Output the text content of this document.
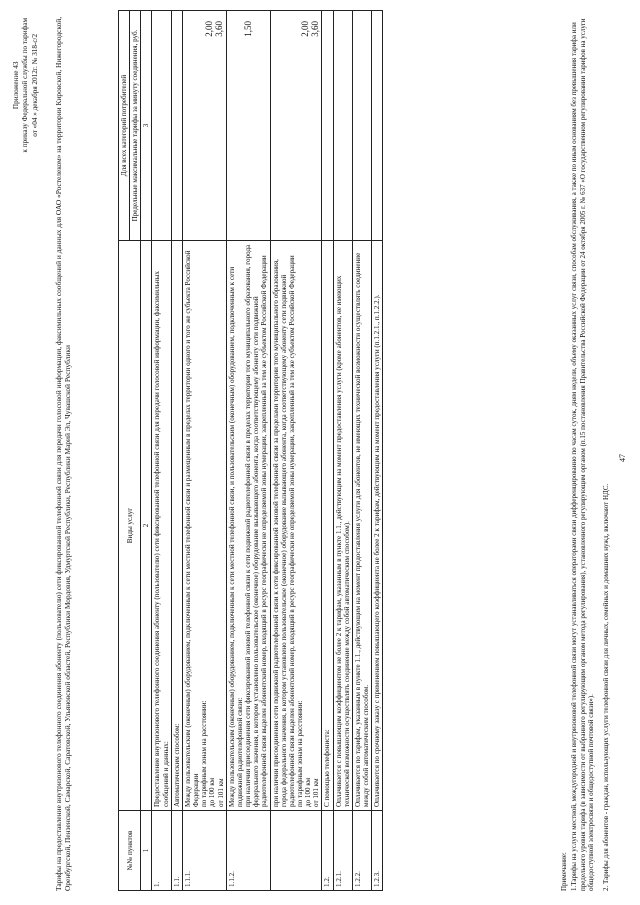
Приложение 43 к приказу Федеральной службы по тарифам от «04 » декабря 2012г. № 318-с/2 Тарифы на предоставление внутризонового телефонного соединения абоненту (пользователю) сети фиксированной телефонной связи для передачи голосовой информации, факсимильных сообщений и данных для ОАО «Ростелеком» на территории Кировской, Нижегородской, Оренбургской, Пензенской, Самарской, Саратовской, Ульяновской областей, Республики Мордовия, Удмуртской Республики, Республики Марий Эл, Чувашской Республики	№№ пунктов	Виды услуг	Для всех категорий потребителей
		Предельные максимальные тарифы за минуту соединения, руб.
1	2	3
1.	Предоставление внутризонового телефонного соединения абоненту (пользователю) сети фиксированной телефонной связи для передачи голосовой информации, факсимильных сообщений и данных:	
1.1.	Автоматическим способом:	
1.1.1.	Между пользовательским (оконечным) оборудованием, подключенным к сети местной телефонной связи и размещенным в пределах территории одного и того же субъекта Российской Федерации
по тарифным зонам на расстоянии:
до 100 км
от 101 км	2,00
3,60
1.1.2.	Между пользовательским (оконечным) оборудованием, подключенным к сети местной телефонной связи, и пользовательским (оконечным) оборудованием, подключенным к сети подвижной радиотелефонной связи:
при наличии присоединения сети фиксированной зоновой телефонной связи к сети подвижной радиотелефонной связи в пределах территории того муниципального образования, города федерального значения, в котором установлено пользовательское (оконечное) оборудование вызывающего абонента, когда соответствующему абоненту сети подвижной радиотелефонной связи выделен абонентский номер, входящий в ресурс географически не определяемой зоны нумерации, закрепленный за тем же субъектом Российской Федерации	1,50
	при наличии присоединения сети подвижной радиотелефонной связи к сети фиксированной зоновой телефонной связи за пределами территории того муниципального образования, города федерального значения, в котором установлено пользовательское (оконечное) оборудование вызывающего абонента, когда соответствующему абоненту сети подвижной радиотелефонной связи выделен абонентский номер, входящий в ресурс географически не определяемой зоны нумерации, закрепленный за тем же субъектом Российской Федерации
по тарифным зонам на расстоянии:
до 100 км
от 101 км	2,00
3,60
1.2.	С помощью телефониста:	
1.2.1.	Оплачивается с повышающим коэффициентом не более 2 к тарифам, указанным в пункте 1.1., действующим на момент предоставления услуги (кроме абонентов, не имеющих технической возможности осуществлять соединение между собой автоматическим способом).	
1.2.2.	Оплачивается по тарифам, указанным в пункте 1.1., действующим на момент предоставления услуги для абонентов, не имеющих технической возможности осуществлять соединение между собой автоматическим способом.	
1.2.3.	Оплачивается по срочному заказу с применением повышающего коэффициента не более 2 к тарифам, действующим на момент предоставления услуги (п.1.2.1., п.1.2.2.).	

Примечание: 1.Тарифы на услуги местной, междугородной и внутризоновой телефонной связи могут устанавливаться операторами связи дифференцированно по часам суток, дням недели, объему оказанных услуг связи, способам обслуживания, а также по иным основаниям без превышения тарифа или предельного уровня тарифа (в зависимости от выбранного регулирующим органом метода регулирования), установленного регулирующим органом (п.15 постановления Правительства Российской Федерации от 24 октября 2005 г. № 637 «О государственном регулировании тарифов на услуги общедоступной электросвязи и общедоступной почтовой связи»). 2. Тарифы для абонентов - граждан, использующих услуги телефонной связи для личных, семейных и домашних нужд, включают НДС.

47
